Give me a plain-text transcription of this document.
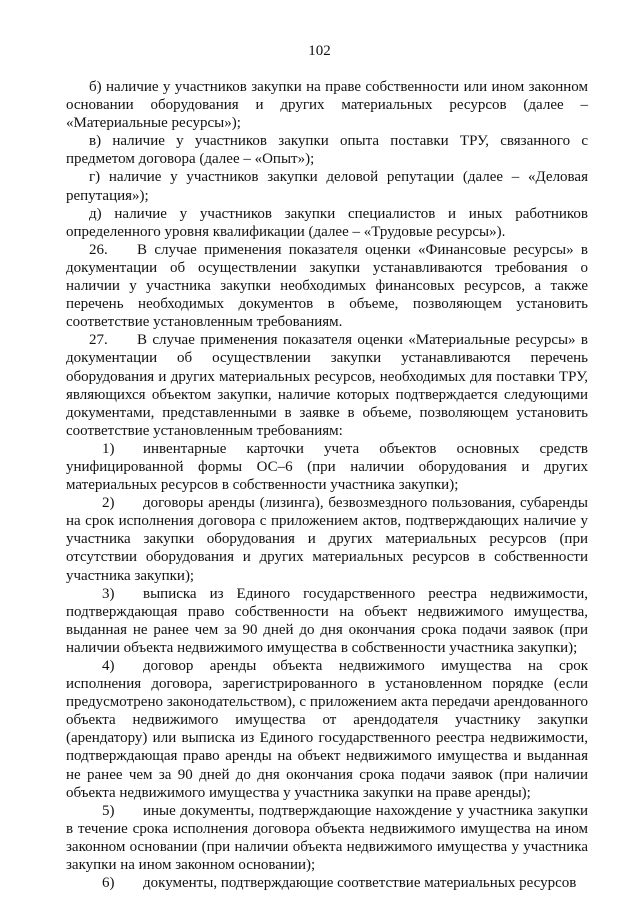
102

б) наличие у участников закупки на праве собственности или ином законном основании оборудования и других материальных ресурсов (далее – «Материальные ресурсы»);

в) наличие у участников закупки опыта поставки ТРУ, связанного с предметом договора (далее – «Опыт»);

г) наличие у участников закупки деловой репутации (далее – «Деловая репутация»);

д) наличие у участников закупки специалистов и иных работников определенного уровня квалификации (далее – «Трудовые ресурсы»).

26. В случае применения показателя оценки «Финансовые ресурсы» в документации об осуществлении закупки устанавливаются требования о наличии у участника закупки необходимых финансовых ресурсов, а также перечень необходимых документов в объеме, позволяющем установить соответствие установленным требованиям.

27. В случае применения показателя оценки «Материальные ресурсы» в документации об осуществлении закупки устанавливаются перечень оборудования и других материальных ресурсов, необходимых для поставки ТРУ, являющихся объектом закупки, наличие которых подтверждается следующими документами, представленными в заявке в объеме, позволяющем установить соответствие установленным требованиям:

1) инвентарные карточки учета объектов основных средств унифицированной формы ОС–6 (при наличии оборудования и других материальных ресурсов в собственности участника закупки);

2) договоры аренды (лизинга), безвозмездного пользования, субаренды на срок исполнения договора с приложением актов, подтверждающих наличие у участника закупки оборудования и других материальных ресурсов (при отсутствии оборудования и других материальных ресурсов в собственности участника закупки);

3) выписка из Единого государственного реестра недвижимости, подтверждающая право собственности на объект недвижимого имущества, выданная не ранее чем за 90 дней до дня окончания срока подачи заявок (при наличии объекта недвижимого имущества в собственности участника закупки);

4) договор аренды объекта недвижимого имущества на срок исполнения договора, зарегистрированного в установленном порядке (если предусмотрено законодательством), с приложением акта передачи арендованного объекта недвижимого имущества от арендодателя участнику закупки (арендатору) или выписка из Единого государственного реестра недвижимости, подтверждающая право аренды на объект недвижимого имущества и выданная не ранее чем за 90 дней до дня окончания срока подачи заявок (при наличии объекта недвижимого имущества у участника закупки на праве аренды);

5) иные документы, подтверждающие нахождение у участника закупки в течение срока исполнения договора объекта недвижимого имущества на ином законном основании (при наличии объекта недвижимого имущества у участника закупки на ином законном основании);

6) документы, подтверждающие соответствие материальных ресурсов
